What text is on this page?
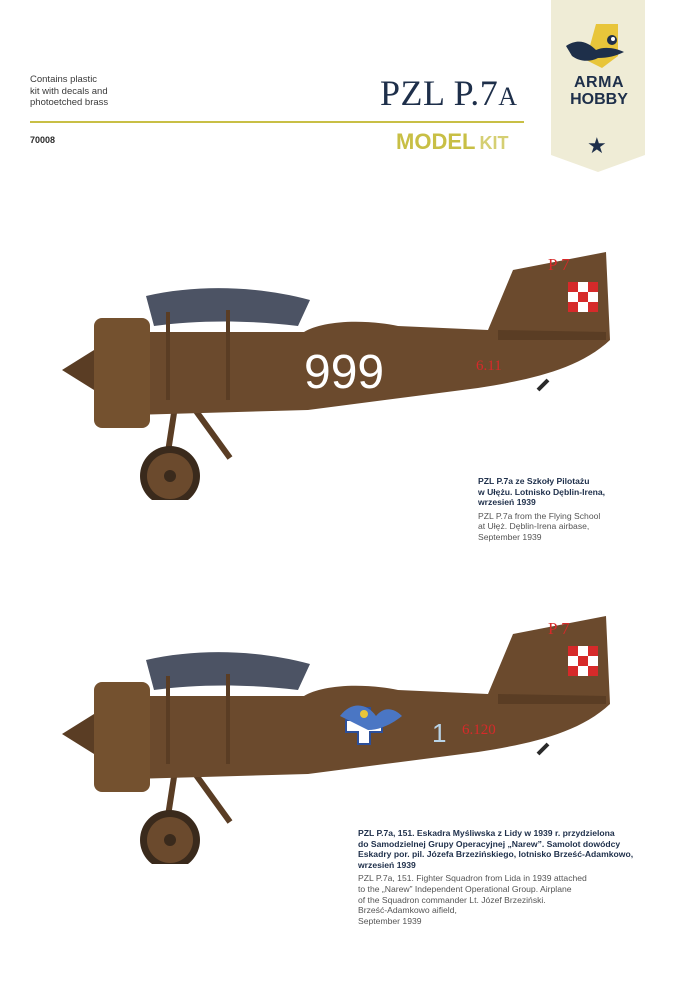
Contains plastic
kit with decals and
photoetched brass	PZL P.7A
70008	MODEL KIT
ARMA
HOBBY
★
999	6.11
P 7
PZL P.7a ze Szkoły Pilotażu
w Ułężu. Lotnisko Dęblin-Irena,
wrzesień 1939
PZL P.7a from the Flying School
at Ułęż. Dęblin-Irena airbase,
September 1939
1 6.120
P 7
PZL P.7a, 151. Eskadra Myśliwska z Lidy w 1939 r. przydzielona
do Samodzielnej Grupy Operacyjnej „Narew”. Samolot dowódcy
Eskadry por. pil. Józefa Brzezińskiego, lotnisko Brześć-Adamkowo,
wrzesień 1939
PZL P.7a, 151. Fighter Squadron from Lida in 1939 attached
to the „Narew” Independent Operational Group. Airplane
of the Squadron commander Lt. Józef Brzeziński.
Brześć-Adamkowo aifield,
September 1939
